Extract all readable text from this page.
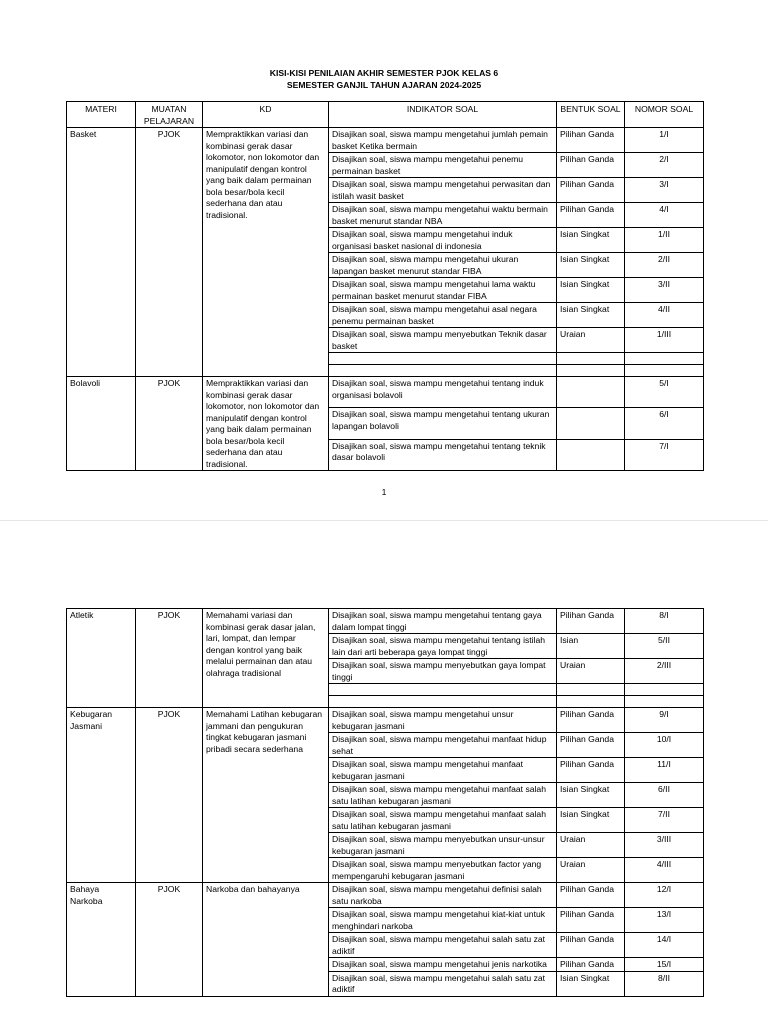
KISI-KISI PENILAIAN AKHIR SEMESTER PJOK KELAS 6
SEMESTER GANJIL TAHUN AJARAN 2024-2025
MATERI	MUATAN PELAJARAN	KD	INDIKATOR SOAL	BENTUK SOAL	NOMOR SOAL
Basket	PJOK	Mempraktikkan variasi dan kombinasi gerak dasar lokomotor, non lokomotor dan manipulatif dengan kontrol yang baik dalam permainan bola besar/bola kecil sederhana dan atau tradisional.	Disajikan soal, siswa mampu mengetahui jumlah pemain basket Ketika bermain	Pilihan Ganda	1/I
			Disajikan soal, siswa mampu mengetahui penemu permainan basket	Pilihan Ganda	2/I
			Disajikan soal, siswa mampu mengetahui perwasitan dan istilah wasit basket	Pilihan Ganda	3/I
			Disajikan soal, siswa mampu mengetahui waktu bermain basket menurut standar NBA	Pilihan Ganda	4/I
			Disajikan soal, siswa mampu mengetahui induk organisasi basket nasional di indonesia	Isian Singkat	1/II
			Disajikan soal, siswa mampu mengetahui ukuran lapangan basket menurut standar FIBA	Isian Singkat	2/II
			Disajikan soal, siswa mampu mengetahui lama waktu permainan basket menurut standar FIBA	Isian Singkat	3/II
			Disajikan soal, siswa mampu mengetahui asal negara penemu permainan basket	Isian Singkat	4/II
			Disajikan soal, siswa mampu menyebutkan Teknik dasar basket	Uraian	1/III

Bolavoli	PJOK	Mempraktikkan variasi dan kombinasi gerak dasar lokomotor, non lokomotor dan manipulatif dengan kontrol yang baik dalam permainan bola besar/bola kecil sederhana dan atau tradisional.	Disajikan soal, siswa mampu mengetahui tentang induk organisasi bolavoli		5/I
			Disajikan soal, siswa mampu mengetahui tentang ukuran lapangan bolavoli		6/I
			Disajikan soal, siswa mampu mengetahui tentang teknik dasar bolavoli		7/I
1
Atletik	PJOK	Memahami variasi dan kombinasi gerak dasar jalan, lari, lompat, dan lempar dengan kontrol yang baik melalui permainan dan atau olahraga tradisional	Disajikan soal, siswa mampu mengetahui tentang gaya dalam lompat tinggi	Pilihan Ganda	8/I
			Disajikan soal, siswa mampu mengetahui tentang istilah lain dari arti beberapa gaya lompat tinggi	Isian	5/II
			Disajikan soal, siswa mampu menyebutkan gaya lompat tinggi	Uraian	2/III

Kebugaran Jasmani	PJOK	Memahami Latihan kebugaran jammani dan pengukuran tingkat kebugaran jasmani pribadi secara sederhana	Disajikan soal, siswa mampu mengetahui unsur kebugaran jasmani	Pilihan Ganda	9/I
			Disajikan soal, siswa mampu mengetahui manfaat hidup sehat	Pilihan Ganda	10/I
			Disajikan soal, siswa mampu mengetahui manfaat kebugaran jasmani	Pilihan Ganda	11/I
			Disajikan soal, siswa mampu mengetahui manfaat salah satu latihan kebugaran jasmani	Isian Singkat	6/II
			Disajikan soal, siswa mampu mengetahui manfaat salah satu latihan kebugaran jasmani	Isian Singkat	7/II
			Disajikan soal, siswa mampu menyebutkan unsur-unsur kebugaran jasmani	Uraian	3/III
			Disajikan soal, siswa mampu menyebutkan factor yang mempengaruhi kebugaran jasmani	Uraian	4/III
Bahaya Narkoba	PJOK	Narkoba dan bahayanya	Disajikan soal, siswa mampu mengetahui definisi salah satu narkoba	Pilihan Ganda	12/I
			Disajikan soal, siswa mampu mengetahui kiat-kiat untuk menghindari narkoba	Pilihan Ganda	13/I
			Disajikan soal, siswa mampu mengetahui salah satu zat adiktif	Pilihan Ganda	14/I
			Disajikan soal, siswa mampu mengetahui jenis narkotika	Pilihan Ganda	15/I
			Disajikan soal, siswa mampu mengetahui salah satu zat adiktif	Isian Singkat	8/II
